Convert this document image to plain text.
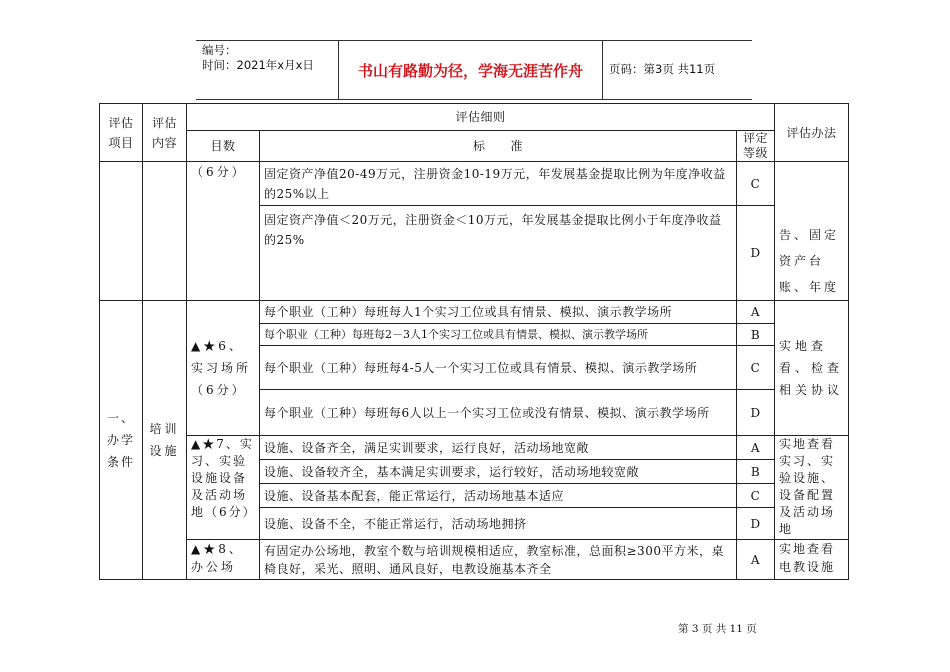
编号：
时间：2021年x月x日	书山有路勤为径，学海无涯苦作舟	页码：第3页 共11页
评估项目	评估内容	评估细则			评估办法
		目数	标　　准	评定等级	
		（6分）	固定资产净值20-49万元，注册资金10-19万元，年发展基金提取比例为年度净收益的25%以上	C	告、固定资产台账、年度
			固定资产净值＜20万元，注册资金＜10万元，年发展基金提取比例小于年度净收益的25%	D	
一、办学条件	培训设施	▲★6、实习场所（6分）	每个职业（工种）每班每人1个实习工位或具有情景、模拟、演示教学场所	A	实地查看、检查相关协议
			每个职业（工种）每班每2－3人1个实习工位或具有情景、模拟、演示教学场所	B	
			每个职业（工种）每班每4-5人一个实习工位或具有情景、模拟、演示教学场所	C	
			每个职业（工种）每班每6人以上一个实习工位或没有情景、模拟、演示教学场所	D	
		▲★7、实习、实验设施设备及活动场地（6分）	设施、设备齐全，满足实训要求，运行良好，活动场地宽敞	A	实地查看实习、实验设施、设备配置及活动场地
			设施、设备较齐全，基本满足实训要求，运行较好，活动场地较宽敞	B	
			设施、设备基本配套，能正常运行，活动场地基本适应	C	
			设施、设备不全，不能正常运行，活动场地拥挤	D	
		▲★8、办公场	有固定办公场地，教室个数与培训规模相适应，教室标准，总面积≥300平方米，桌椅良好，采光、照明、通风良好，电教设施基本齐全	A	实地查看电教设施
第 3 页 共 11 页
